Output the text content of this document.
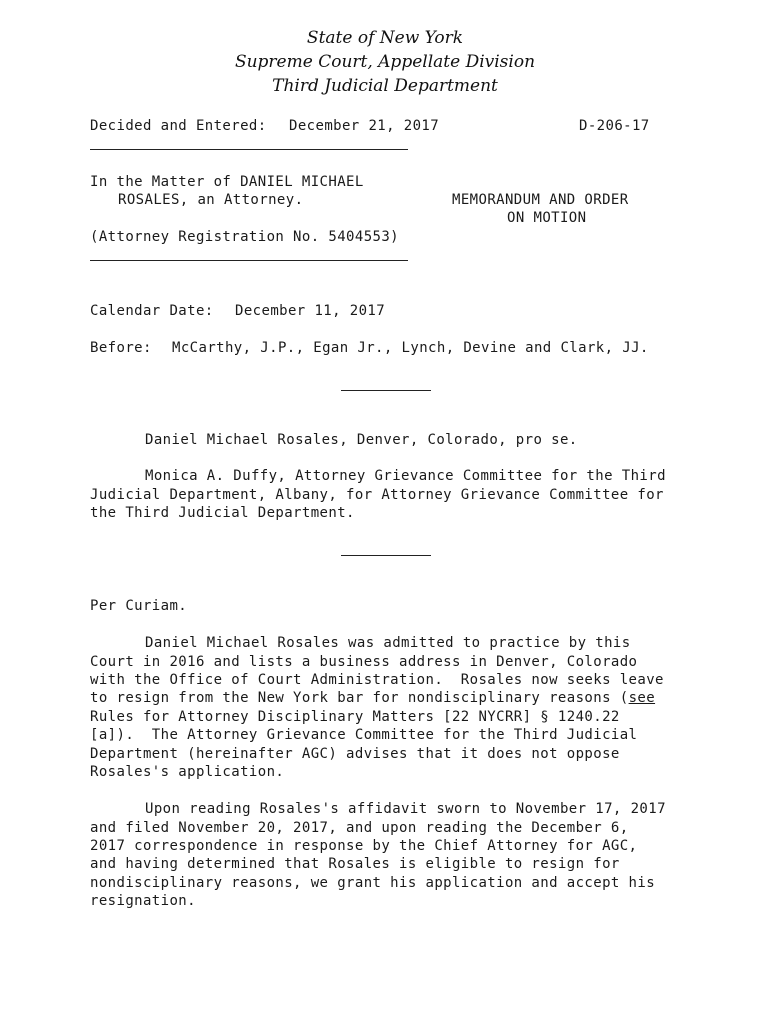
State of New York
Supreme Court, Appellate Division
Third Judicial Department
Decided and Entered: December 21, 2017	D-206-17
In the Matter of DANIEL MICHAEL
ROSALES, an Attorney.	MEMORANDUM AND ORDER
ON MOTION
(Attorney Registration No. 5404553)
Calendar Date: December 11, 2017
Before: McCarthy, J.P., Egan Jr., Lynch, Devine and Clark, JJ.
Daniel Michael Rosales, Denver, Colorado, pro se.
Monica A. Duffy, Attorney Grievance Committee for the Third
Judicial Department, Albany, for Attorney Grievance Committee for
the Third Judicial Department.
Per Curiam.
Daniel Michael Rosales was admitted to practice by this
Court in 2016 and lists a business address in Denver, Colorado
with the Office of Court Administration.  Rosales now seeks leave
to resign from the New York bar for nondisciplinary reasons (see
Rules for Attorney Disciplinary Matters [22 NYCRR] § 1240.22
[a]).  The Attorney Grievance Committee for the Third Judicial
Department (hereinafter AGC) advises that it does not oppose
Rosales's application.
Upon reading Rosales's affidavit sworn to November 17, 2017
and filed November 20, 2017, and upon reading the December 6,
2017 correspondence in response by the Chief Attorney for AGC,
and having determined that Rosales is eligible to resign for
nondisciplinary reasons, we grant his application and accept his
resignation.
